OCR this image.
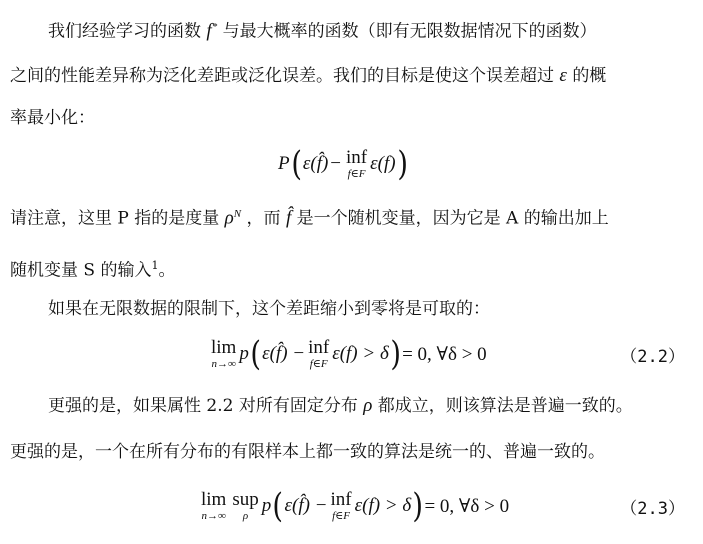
我们经验学习的函数 f* 与最大概率的函数（即有无限数据情况下的函数）
之间的性能差异称为泛化差距或泛化误差。我们的目标是使这个误差超过 ε 的概
率最小化：
P ( ε(f̂) − inf
f∈F ε(f) )
请注意，这里 P 指的是度量 $\rho^N$ ，而 f̂ 是一个随机变量，因为它是 A 的输出加上
随机变量 S 的输入$^1$。
如果在无限数据的限制下，这个差距缩小到零将是可取的：
lim
n→∞ p ( ε(f̂) − inf
f∈F ε(f) > δ ) = 0, ∀δ > 0	（2.2）
更强的是，如果属性 2.2 对所有固定分布 ρ 都成立，则该算法是普遍一致的。
更强的是，一个在所有分布的有限样本上都一致的算法是统一的、普遍一致的。
lim
n→∞
sup
ρ p ( ε(f̂) − inf
f∈F ε(f) > δ ) = 0, ∀δ > 0	（2.3）
